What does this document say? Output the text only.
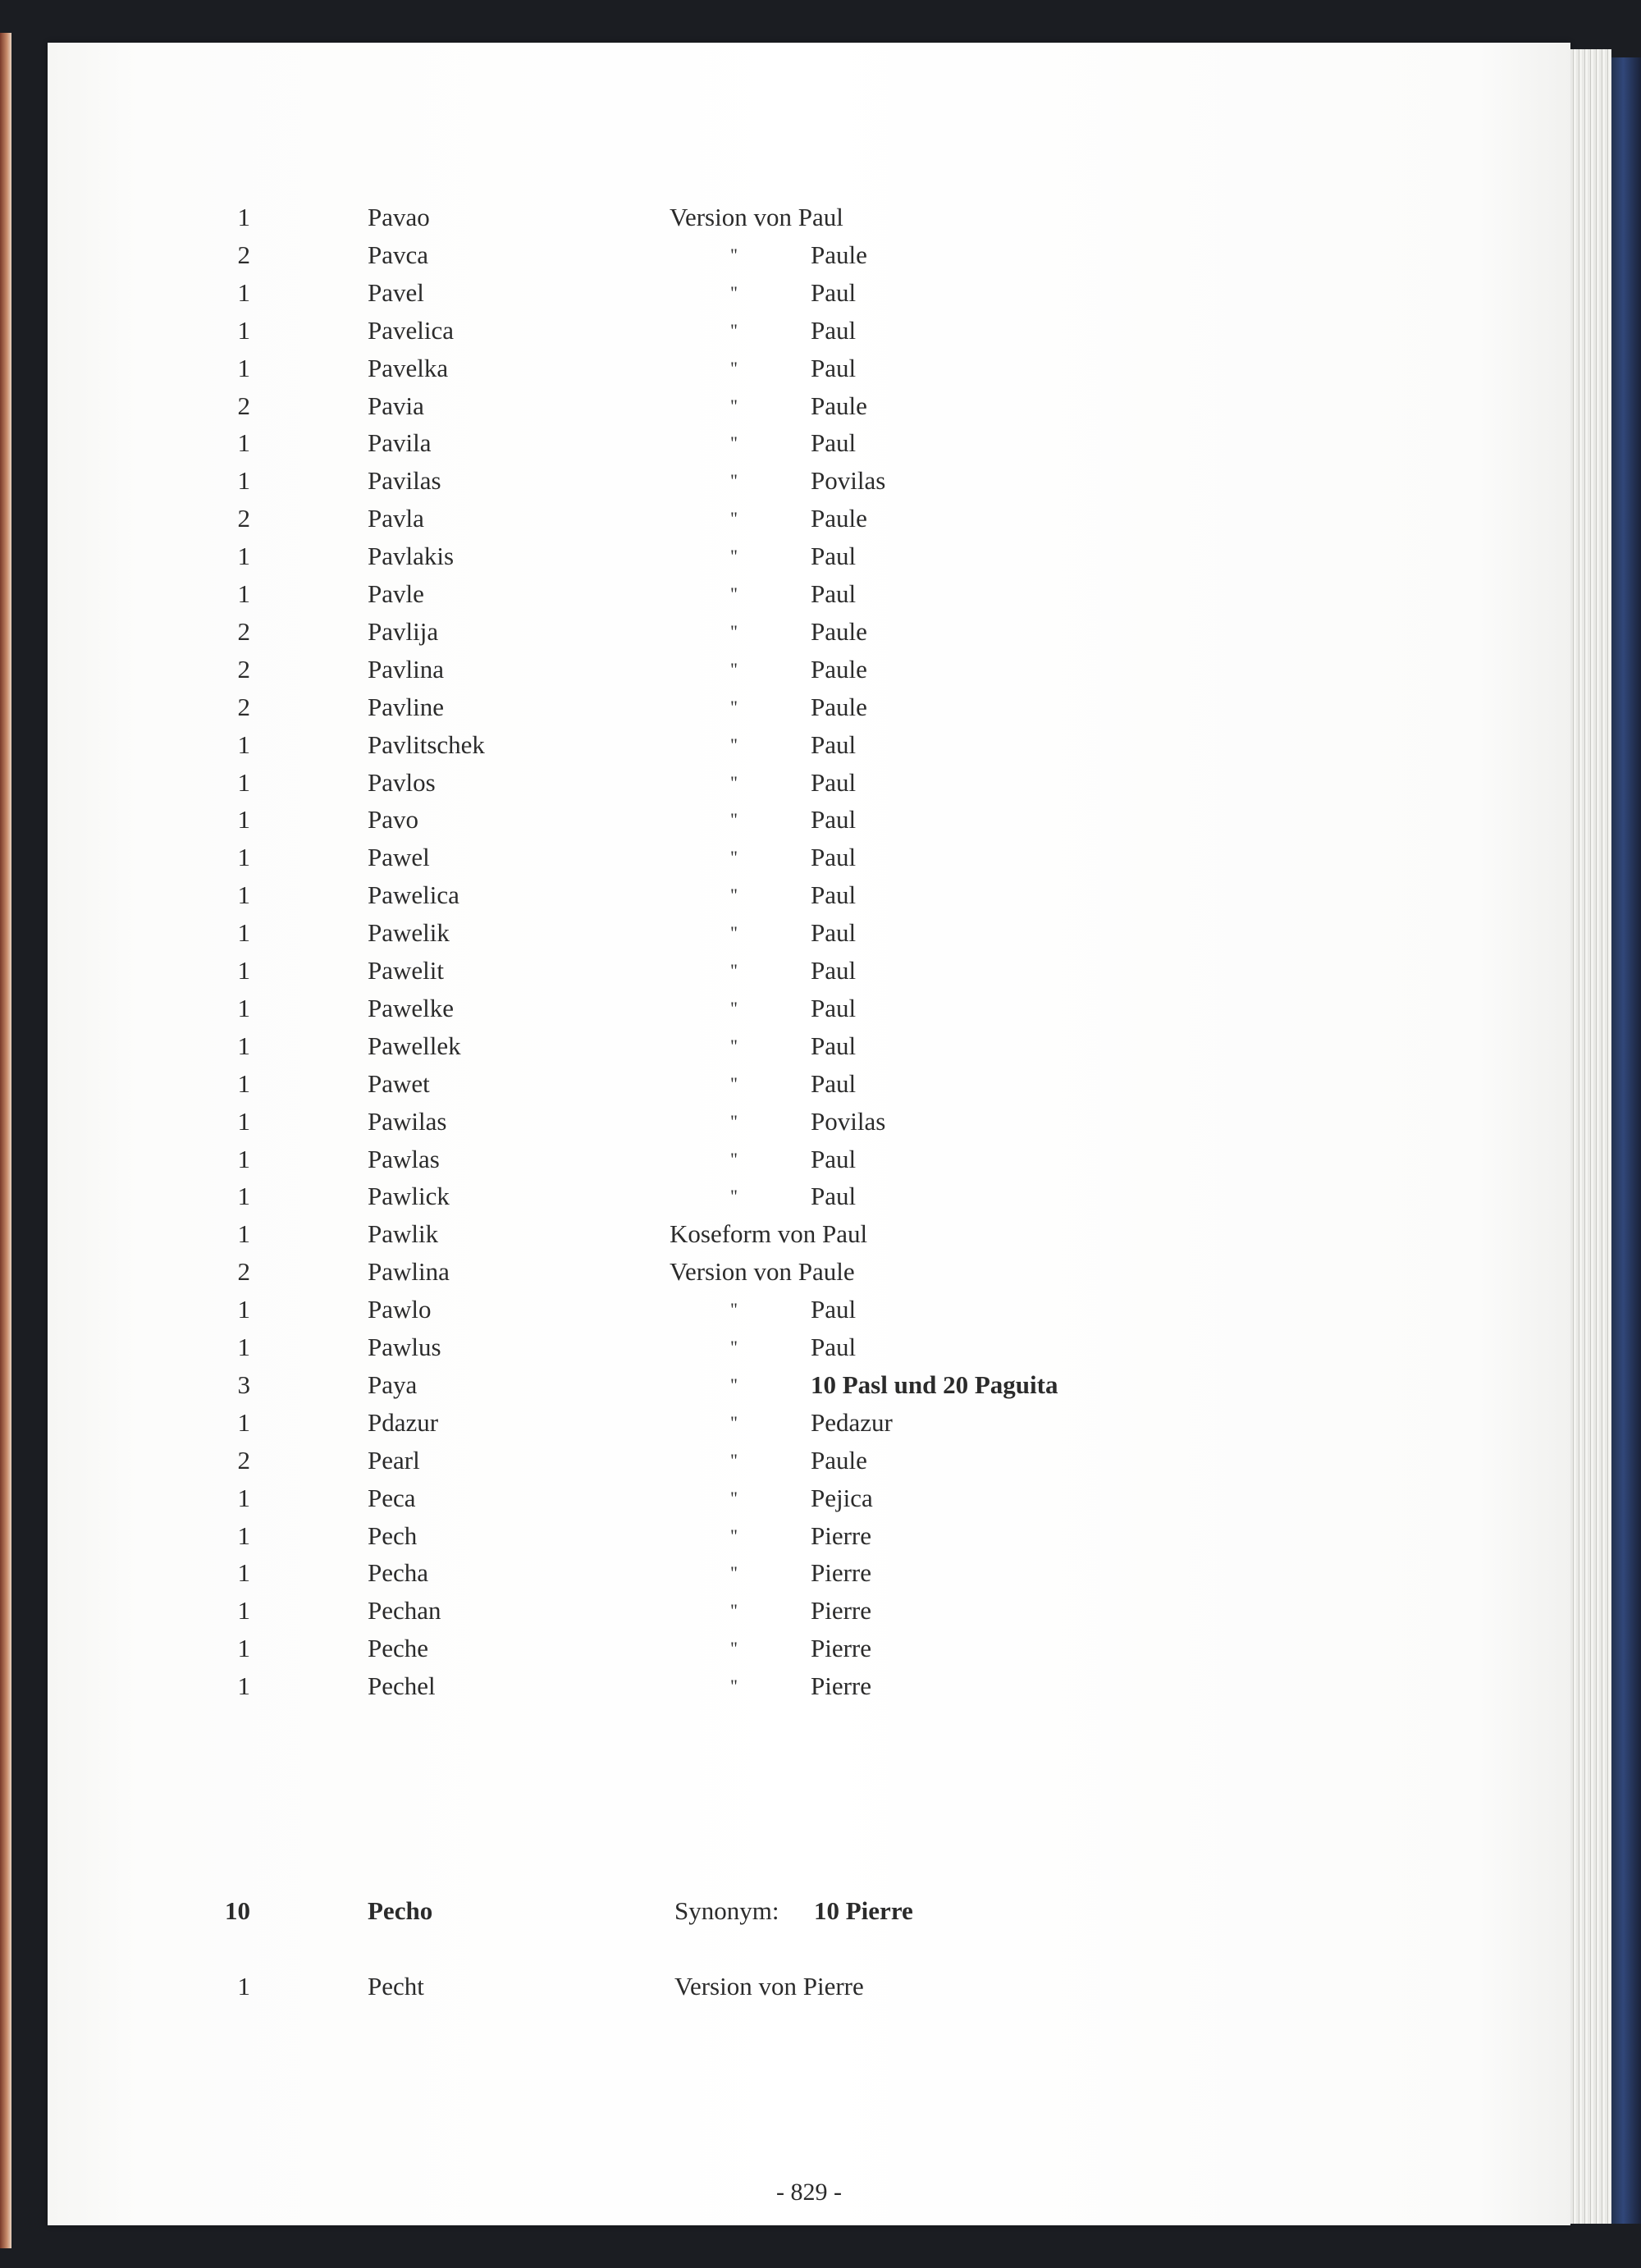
1	Pavao	Version von Paul
2	Pavca	"	Paule
1	Pavel	"	Paul
1	Pavelica	"	Paul
1	Pavelka	"	Paul
2	Pavia	"	Paule
1	Pavila	"	Paul
1	Pavilas	"	Povilas
2	Pavla	"	Paule
1	Pavlakis	"	Paul
1	Pavle	"	Paul
2	Pavlija	"	Paule
2	Pavlina	"	Paule
2	Pavline	"	Paule
1	Pavlitschek	"	Paul
1	Pavlos	"	Paul
1	Pavo	"	Paul
1	Pawel	"	Paul
1	Pawelica	"	Paul
1	Pawelik	"	Paul
1	Pawelit	"	Paul
1	Pawelke	"	Paul
1	Pawellek	"	Paul
1	Pawet	"	Paul
1	Pawilas	"	Povilas
1	Pawlas	"	Paul
1	Pawlick	"	Paul
1	Pawlik	Koseform von Paul
2	Pawlina	Version von Paule
1	Pawlo	"	Paul
1	Pawlus	"	Paul
3	Paya	"	10 Pasl und 20 Paguita
1	Pdazur	"	Pedazur
2	Pearl	"	Paule
1	Peca	"	Pejica
1	Pech	"	Pierre
1	Pecha	"	Pierre
1	Pechan	"	Pierre
1	Peche	"	Pierre
1	Pechel	"	Pierre
10	Pecho	Synonym: 10 Pierre
1	Pecht	Version von Pierre
- 829 -
